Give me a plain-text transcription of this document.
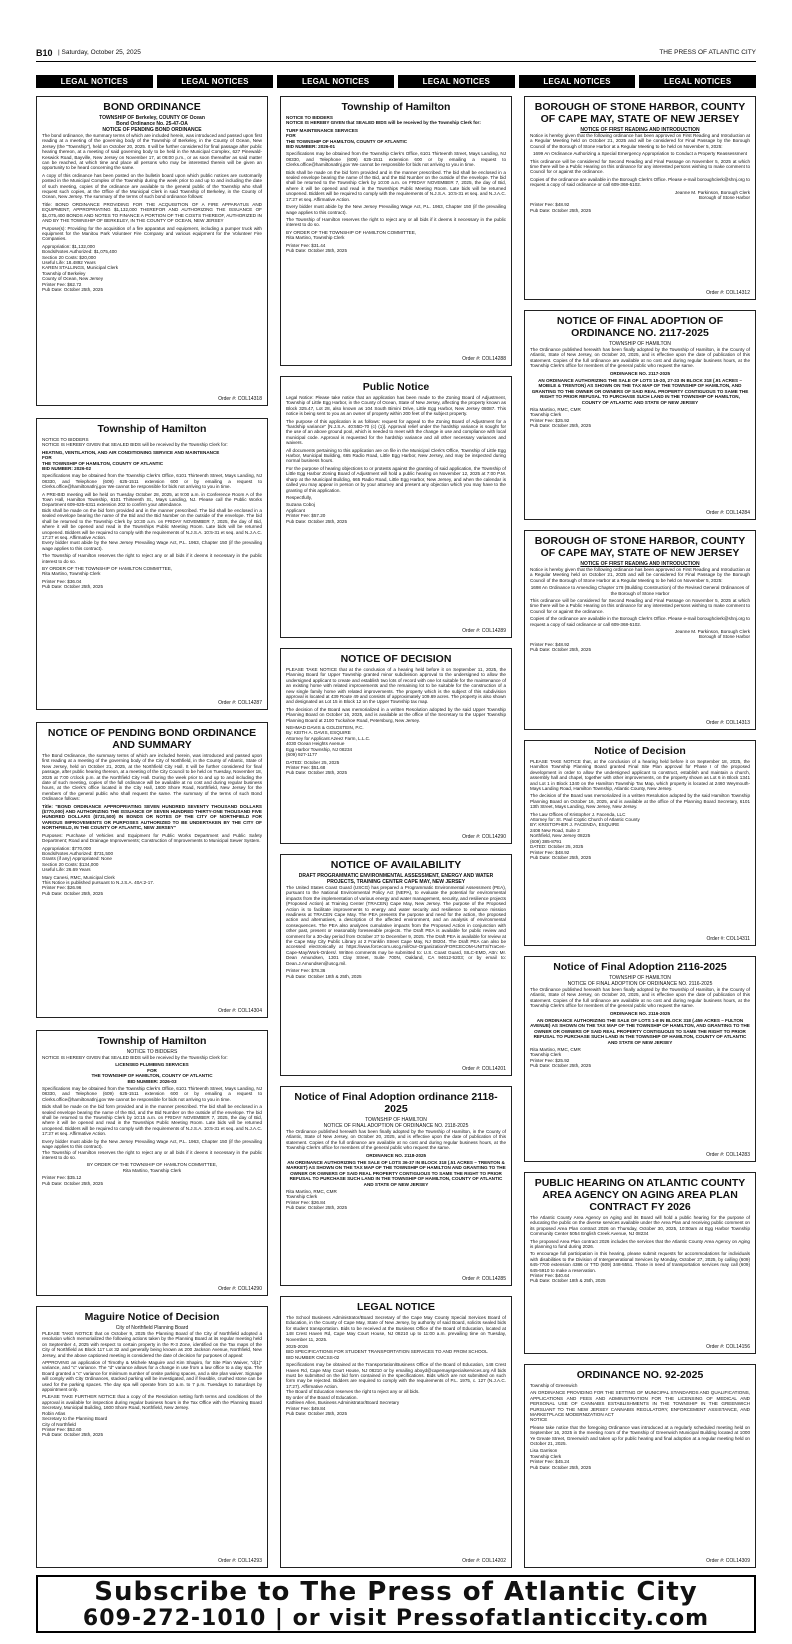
B10 | Saturday, October 25, 2025	THE PRESS OF ATLANTIC CITY
LEGAL NOTICES	LEGAL NOTICES	LEGAL NOTICES	LEGAL NOTICES	LEGAL NOTICES	LEGAL NOTICES
BOND ORDINANCE
TOWNSHIP OF Berkeley, COUNTY OF Ocean
Bond Ordinance No. 25-47-OA
NOTICE OF PENDING BOND ORDINANCE

The bond ordinance, the summary terms of which are included herein, was introduced and passed upon first reading at a meeting of the governing body of the Township of Berkeley, in the County of Ocean, New Jersey (the "Township"), held on October 20, 2025. It will be further considered for final passage after public hearing thereon, at a meeting of said governing body to be held in the Municipal Complex, 627 Pinewald-Keswick Road, Bayville, New Jersey on November 17, at 06:00 p.m., or as soon thereafter as said matter can be reached, at which time and place all persons who may be interested therein will be given an opportunity to be heard concerning the same.

A copy of this ordinance has been posted on the bulletin board upon which public notices are customarily posted in the Municipal Complex of the Township during the week prior to and up to and including the date of such meeting, copies of the ordinance are available to the general public of the Township who shall request such copies, at the Office of the Municipal Clerk in said Township of Berkeley, in the County of Ocean, New Jersey. The summary of the terms of such bond ordinance follows:

Title: BOND ORDINANCE PROVIDING FOR THE ACQUISITION OF A FIRE APPARATUS AND EQUIPMENT, APPROPRIATING $1,132,000 THEREFOR AND AUTHORIZING THE ISSUANCE OF $1,075,400 BONDS AND NOTES TO FINANCE A PORTION OF THE COSTS THEREOF, AUTHORIZED IN AND BY THE TOWNSHIP OF BERKELEY, IN THE COUNTY OF OCEAN, NEW JERSEY

Purpose(s): Providing for the acquisition of a fire apparatus and equipment, including a pumper truck with equipment for the Manitou Park Volunteer Fire Company and various equipment for the Volunteer Fire Companies.

Appropriation: $1,132,000
Bonds/Notes Authorized: $1,075,400
Section 20 Costs: $20,000
Useful Life: 18.4892 Years
KAREN STALLINGS, Municipal Clerk
Township of Berkeley
County of Ocean, New Jersey
Printer Fee: $62.72
Pub Date: October 25th, 2025

Order #: COL14318
Township of Hamilton

NOTICE TO BIDDERS
NOTICE IS HEREBY GIVEN that SEALED BIDS will be received by the Township Clerk for:

HEATING, VENTILATION, AND AIR CONDITIONING SERVICE AND MAINTENANCE
FOR
THE TOWNSHIP OF HAMILTON, COUNTY OF ATLANTIC
BID NUMBER: 2026-02

Specifications may be obtained from the Township Clerk's Office, 6101 Thirteenth Street, Mays Landing, NJ 08330, and Telephone (609) 625-1511 extension 600 or by emailing a request to Clerks.office@hamiltonatlnj.gov We cannot be responsible for bids not arriving to you in time.

A PRE-BID meeting will be held on Tuesday October 28, 2025, at 9:00 a.m. in Conference Room A of the Town Hall, Hamilton Township, 6101 Thirteenth St., Mays Landing, NJ. Please call the Public Works Department 609-625-6311 extension 202 to confirm your attendance.
Bids shall be made on the bid form provided and in the manner prescribed. The bid shall be enclosed in a sealed envelope bearing the name of the Bid and the Bid Number on the outside of the envelope. The bid shall be returned to the Township Clerk by 10:30 a.m. on FRIDAY NOVEMBER 7, 2025, the day of Bid, where it will be opened and read in the Townships Public Meeting Room. Late bids will be returned unopened. Bidders will be required to comply with the requirements of N.J.S.A. 10:5-31 et seq. and N.J.A.C. 17:27 et seq. Affirmative Action.
Every bidder must abide by the New Jersey Prevailing Wage Act, P.L. 1963, Chapter 150 (if the prevailing wage applies to this contract).

The Township of Hamilton reserves the right to reject any or all bids if it deems it necessary in the public interest to do so.

BY ORDER OF THE TOWNSHIP OF HAMILTON COMMITTEE,
Rita Martino, Township Clerk

Printer Fee: $36.04
Pub Date: October 25th, 2025

Order #: COL14287
NOTICE OF PENDING BOND ORDINANCE AND SUMMARY

The Bond Ordinance, the summary terms of which are included herein, was introduced and passed upon first reading at a meeting of the governing body of the City of Northfield, in the County of Atlantic, State of New Jersey, held on October 21, 2025, at the Northfield City Hall. It will be further considered for final passage, after public hearing thereon, at a meeting of the City Council to be held on Tuesday, November 18, 2025 at 7:00 o'clock p.m. at the Northfield City Hall. During the week prior to and up to and including the date of such meeting, copies of the full ordinance will be available at no cost and during regular business hours, at the Clerk's office located in the City Hall, 1600 Shore Road, Northfield, New Jersey for the members of the general public who shall request the same. The summary of the terms of such Bond Ordinance follows:

Title: "BOND ORDINANCE APPROPRIATING SEVEN HUNDRED SEVENTY THOUSAND DOLLARS ($770,000) AND AUTHORIZING THE ISSUANCE OF SEVEN HUNDRED THIRTY-ONE THOUSAND FIVE HUNDRED DOLLARS ($731,500) IN BONDS OR NOTES OF THE CITY OF NORTHFIELD FOR VARIOUS IMPROVEMENTS OR PURPOSES AUTHORIZED TO BE UNDERTAKEN BY THE CITY OF NORTHFIELD, IN THE COUNTY OF ATLANTIC, NEW JERSEY"

Purposes: Purchase of Vehicles and Equipment for Public Works Department and Public Safety Department; Road and Drainage Improvements; Construction of Improvements to Municipal Sewer System.

Appropriation: $770,000
Bonds/Notes Authorized: $731,500
Grants (if any) Appropriated: None
Section 20 Costs: $134,000
Useful Life: 26.69 Years

Mary Canesi, RMC, Municipal Clerk
This Notice is published pursuant to N.J.S.A. 40A:2-17.
Printer Fee: $26.96
Pub Date: October 25th, 2025

Order #: COL14304
Township of Hamilton
NOTICE TO BIDDERS

NOTICE IS HEREBY GIVEN that SEALED BIDS will be received by the Township Clerk for:

LICENSED PLUMBING SERVICES
FOR
THE TOWNSHIP OF HAMILTON, COUNTY OF ATLANTIC
BID NUMBER: 2026-03

Specifications may be obtained from the Township Clerk's Office, 6101 Thirteenth Street, Mays Landing, NJ 08330, and Telephone (609) 625-1511 extension 600 or by emailing a request to Clerks.office@hamiltonatlnj.gov We cannot be responsible for bids not arriving to you in time.

Bids shall be made on the bid form provided and in the manner prescribed. The bid shall be enclosed in a sealed envelope bearing the name of the Bid, and the Bid Number on the outside of the envelope. The bid shall be returned to the Township Clerk by 10:15 a.m. on FRIDAY NOVEMBER 7, 2025, the day of Bid, where it will be opened and read in the Townships Public Meeting Room. Late bids will be returned unopened. Bidders will be required to comply with the requirements of N.J.S.A. 10:5-31 et seq. and N.J.A.C. 17:27 et seq. Affirmative Action.

Every bidder must abide by the New Jersey Prevailing Wage Act, P.L. 1963, Chapter 150 (if the prevailing wage applies to this contract).
The Township of Hamilton reserves the right to reject any or all bids if it deems it necessary in the public interest to do so.

BY ORDER OF THE TOWNSHIP OF HAMILTON COMMITTEE,
Rita Martino, Township Clerk

Printer Fee: $35.12
Pub Date: October 25th, 2025

Order #: COL14290
Maguire Notice of Decision
City of Northfield Planning Board

PLEASE TAKE NOTICE that on October 9, 2025 the Planning Board of the City of Northfield adopted a resolution which memorialized the following actions taken by the Planning Board at its regular meeting held on September 4, 2025 with respect to certain property in the R-3 Zone, identified on the Tax maps of the City of Northfield as Block 117 Lot 32 and generally being known as 200 Jackson Avenue, Northfield, New Jersey, and the above captioned meeting is considered the date of decision for purposes of appeal:

APPROVING an application of Timothy & Michele Maguire and Kim Shapiro, for Site Plan Waiver, "d(1)" variance, and "c" variance. The "d" variance allows for a change in use from a law office to a day spa. The Board granted a "c" variance for minimum number of onsite parking spaces, and a site plan waiver. Signage will comply with City Ordinances, stacked parking will be investigated, and if feasible, crushed stone can be used for the parking spaces. The day spa will operate from 10 a.m. to 7 p.m. Tuesdays to Saturdays by appointment only.

PLEASE TAKE FURTHER NOTICE that a copy of the Resolution setting forth terms and conditions of the approval is available for inspection during regular business hours in the Tax Office with the Planning Board Secretary, Municipal Building, 1600 Shore Road, Northfield, New Jersey.
Robin Atlas
Secretary to the Planning Board
City of Northfield
Printer Fee: $52.60
Pub Date: October 25th, 2025

Order #: COL14293
Township of Hamilton

NOTICE TO BIDDERS
NOTICE IS HEREBY GIVEN that SEALED BIDS will be received by the Township Clerk for:

TURF MAINTENANCE SERVICES
FOR
THE TOWNSHIP OF HAMILTON, COUNTY OF ATLANTIC
BID NUMBER: 2026-01

Specifications may be obtained from the Township Clerk's Office, 6101 Thirteenth Street, Mays Landing, NJ 08330, and Telephone (609) 625-1511 extension 600 or by emailing a request to Clerks.office@hamiltonatlnj.gov We cannot be responsible for bids not arriving to you in time.

Bids shall be made on the bid form provided and in the manner prescribed. The bid shall be enclosed in a sealed envelope bearing the name of the Bid, and the Bid Number on the outside of the envelope. The bid shall be returned to the Township Clerk by 10:00 a.m. on FRIDAY NOVEMBER 7, 2025, the day of Bid, where it will be opened and read in the Townships Public Meeting Room. Late bids will be returned unopened. Bidders will be required to comply with the requirements of N.J.S.A. 10:5-31 et seq. and N.J.A.C. 17:27 et seq. Affirmative Action.

Every bidder must abide by the New Jersey Prevailing Wage Act, P.L. 1963, Chapter 150 (if the prevailing wage applies to this contract).

The Township of Hamilton reserves the right to reject any or all bids if it deems it necessary in the public interest to do so.

BY ORDER OF THE TOWNSHIP OF HAMILTON COMMITTEE,
Rita Martino, Township Clerk

Printer Fee: $31.44
Pub Date: October 25th, 2025

Order #: COL14288
Public Notice

Legal Notice: Please take notice that an application has been made to the Zoning Board of Adjustment, Township of Little Egg Harbor, in the County of Ocean, State of New Jersey, affecting the property known as Block 325.47, Lot 28, also known as 104 South Bimini Drive, Little Egg Harbor, New Jersey 08087. This notice is being sent to you as an owner of property within 200 feet of the subject property.

The purpose of this application is as follows: request for appeal to the Zoning Board of Adjustment for a "hardship variance" [N.J.S.A. 40:55D-70 (c) (1)]. Approval relief under the hardship variance is sought for the use of an above ground pool, which is needed to meet with the change in use and compliance with local municipal code. Approval is requested for the hardship variance and all other necessary variances and waivers.

All documents pertaining to this application are on file in the Municipal Clerk's Office, Township of Little Egg Harbor, Municipal Building, 665 Radio Road, Little Egg Harbor, New Jersey, and may be inspected during normal business hours.

For the purpose of hearing objections to or protests against the granting of said application, the Township of Little Egg Harbor Zoning Board of Adjustment will hold a public hearing on November 12, 2025 at 7:00 P.M. sharp at the Municipal Building, 665 Radio Road, Little Egg Harbor, New Jersey, and when the calendar is called you may appear in person or by your attorney and present any objection which you may have to the granting of this application.

Respectfully,

Suzana Coboj
Applicant
Printer Fee: $57.20
Pub Date: October 25th, 2025

Order #: COL14289
NOTICE OF DECISION

PLEASE TAKE NOTICE that at the conclusion of a hearing held before it on September 11, 2025, the Planning Board for Upper Township granted minor subdivision approval to the undersigned to allow the undersigned applicant to create and establish two lots of record with one lot suitable for the maintenance of an existing home with related improvements and the remaining lot to be suitable for the construction of a new single family home with related improvements. The property which is the subject of this subdivision approval is located at 439 Route 49 and consists of approximately 109.69 acres. The property is also shown and designated as Lot 15 in Block 12 on the Upper Township tax map.

The decision of the Board was memorialized in a written Resolution adopted by the said Upper Township Planning Board on October 16, 2025, and is available at the office of the Secretary to the Upper Township Planning Board at 2100 Tuckahoe Road, Petersburg, New Jersey.

NEHMAD DAVIS & GOLDSTEIN, P.C.
By: KEITH A. DAVIS, ESQUIRE
Attorney for Applicant Azeez Farm, L.L.C.
4030 Ocean Heights Avenue
Egg Harbor Township, NJ 08234
(609) 927-1177

DATED: October 25, 2025
Printer Fee: $51.68
Pub Date: October 25th, 2025

Order #: COL14290
NOTICE OF AVAILABILITY
DRAFT PROGRAMMATIC ENVIRONMENTAL ASSESSMENT, ENERGY AND WATER PROJECTS, TRAINING CENTER CAPE MAY, NEW JERSEY

The United States Coast Guard (USCG) has prepared a Programmatic Environmental Assessment (PEA), pursuant to the National Environmental Policy Act (NEPA), to evaluate the potential for environmental impacts from the implementation of various energy and water management, security, and resilience projects (Proposed Action) at Training Center (TRACEN) Cape May, New Jersey. The purpose of the Proposed Action is to facilitate improvements to energy and water security and resilience to enhance mission readiness at TRACEN Cape May. The PEA presents the purpose and need for the action, the proposed action and alternatives, a description of the affected environment, and an analysis of environmental consequences. The PEA also analyzes cumulative impacts from the Proposed Action in conjunction with other past, present or reasonably foreseeable projects. The Draft PEA is available for public review and comment for a 30-day period from October 27 to December 9, 2025. The Draft PEA is available for review at the Cape May City Public Library at 2 Franklin Street Cape May, NJ 08204. The Draft PEA can also be accessed electronically at https://www.forcecom.uscg.mil/Our-Organization/FORCECOM-UNITS/TraCen-Cape-May/Work-Orders/. Written comments may be submitted to: U.S. Coast Guard, SILC-EMD, Attn: Mr. Dean Amundsen, 1301 Clay Street, Suite 700N, Oakland, CA 94612-5203; or by email to: Dean.J.Amundsen@uscg.mil.

Printer Fee: $78.36
Pub Date: October 18th & 25th, 2025

Order #: COL14201
Notice of Final Adoption ordinance 2118-2025
TOWNSHIP OF HAMILTON
NOTICE OF FINAL ADOPTION OF ORDINANCE NO. 2118-2025

The Ordinance published herewith has been finally adopted by the Township of Hamilton, in the County of Atlantic, State of New Jersey, on October 20, 2025, and is effective upon the date of publication of this statement. Copies of the full ordinance are available at no cost and during regular business hours, at the Township Clerk's office for members of the general public who request the same.

ORDINANCE NO. 2118-2025

AN ORDINANCE AUTHORIZING THE SALE OF LOTS 36-37 IN BLOCK 318 (.51 ACRES – TRENTON & MARKET) AS SHOWN ON THE TAX MAP OF THE TOWNSHIP OF HAMILTON AND GRANTING TO THE OWNER OR OWNERS OF SAID REAL PROPERTY CONTIGUOUS TO SAME THE RIGHT TO PRIOR REFUSAL TO PURCHASE SUCH LAND IN THE TOWNSHIP OF HAMILTON, COUNTY OF ATLANTIC AND STATE OF NEW JERSEY

Rita Martino, RMC, CMR
Township Clerk
Printer Fee: $26.84
Pub Date: October 25th, 2025

Order #: COL14285
LEGAL NOTICE

The School Business Administrator/Board Secretary of the Cape May County Special Services Board of Education, in the County of Cape May, State of New Jersey, by authority of said Board, solicits sealed bids for student transportation. Bids to be received at the Business Office of the Board of Education, located at 148 Crest Haven Rd, Cape May Court House, NJ 08210 up to 11:00 a.m. prevailing time on Tuesday, November 11, 2025.

2025-2026
BID SPECIFICATIONS FOR STUDENT TRANSPORTATION SERVICES TO AND FROM SCHOOL
BID NUMBER CMCSS-02

Specifications may be obtained at the Transportation/Business Office of the Board of Education, 148 Crest Haven Rd, Cape May Court House, NJ 08210 or by emailing aboyd@capemayspecialservices.org All bids must be submitted on the bid form contained in the specifications. Bids which are not submitted on such form may be rejected. Bidders are required to comply with the requirements of P.L. 1975, c. 127 (N.J.A.C. 17:27). Affirmative Action.
The Board of Education reserves the right to reject any or all bids.
By order of the Board of Education.
Kathleen Allen, Business Administrator/Board Secretary
Printer Fee: $49.84
Pub Date: October 25th, 2025

Order #: COL14202
BOROUGH OF STONE HARBOR, COUNTY OF CAPE MAY, STATE OF NEW JERSEY
NOTICE OF FIRST READING AND INTRODUCTION

Notice is hereby given that the following ordinance has been approved on First Reading and Introduction at a Regular Meeting held on October 21, 2025 and will be considered for Final Passage by the Borough Council of the Borough of Stone Harbor at a Regular Meeting to be held on November 5, 2025:

1699 An Ordinance Authorizing a Special Emergency Appropriation to Conduct a Property Reassessment

This ordinance will be considered for Second Reading and Final Passage on November 5, 2025 at which time there will be a Public Hearing on this ordinance for any interested persons wishing to make comment to Council for or against the ordinance.

Copies of the ordinance are available in the Borough Clerk's Office. Please e-mail boroughclerk@shnj.org to request a copy of said ordinance or call 609-368-5102.

Jeanne M. Parkinson, Borough Clerk
Borough of Stone Harbor

Printer Fee: $48.92
Pub Date: October 25th, 2025

Order #: COL14312
NOTICE OF FINAL ADOPTION OF ORDINANCE NO. 2117-2025
TOWNSHIP OF HAMILTON

The Ordinance published herewith has been finally adopted by the Township of Hamilton, in the County of Atlantic, State of New Jersey, on October 20, 2025, and is effective upon the date of publication of this statement. Copies of the full ordinance are available at no cost and during regular business hours, at the Township Clerk's office for members of the general public who request the same.

ORDINANCE NO. 2117-2025

AN ORDINANCE AUTHORIZING THE SALE OF LOTS 15-20, 27-33 IN BLOCK 318 (.91 ACRES – MOBILE & TRENTON) AS SHOWN ON THE TAX MAP OF THE TOWNSHIP OF HAMILTON, AND GRANTING TO THE OWNER OR OWNERS OF SAID REAL PROPERTY CONTIGUOUS TO SAME THE RIGHT TO PRIOR REFUSAL TO PURCHASE SUCH LAND IN THE TOWNSHIP OF HAMILTON, COUNTY OF ATLANTIC AND STATE OF NEW JERSEY

Rita Martino, RMC, CMR
Township Clerk
Printer Fee: $25.92
Pub Date: October 25th, 2025

Order #: COL14284
BOROUGH OF STONE HARBOR, COUNTY OF CAPE MAY, STATE OF NEW JERSEY
NOTICE OF FIRST READING AND INTRODUCTION

Notice is hereby given that the following ordinance has been approved on First Reading and Introduction at a Regular Meeting held on October 21, 2025 and will be considered for Final Passage by the Borough Council of the Borough of Stone Harbor at a Regular Meeting to be held on November 5, 2025:

1698 An Ordinance to Amending Chapter 178 (Building Construction) of the Revised General Ordinances of the Borough of Stone Harbor

This ordinance will be considered for Second Reading and Final Passage on November 5, 2025 at which time there will be a Public Hearing on this ordinance for any interested persons wishing to make comment to Council for or against the ordinance.

Copies of the ordinance are available in the Borough Clerk's Office. Please e-mail boroughclerk@shnj.org to request a copy of said ordinance or call 609-368-5102.

Jeanne M. Parkinson, Borough Clerk
Borough of Stone Harbor

Printer Fee: $48.92
Pub Date: October 25th, 2025

Order #: COL14313
Notice of Decision

PLEASE TAKE NOTICE that, at the conclusion of a hearing held before it on September 18, 2025, the Hamilton Township Planning Board granted Final Site Plan approval for Phase I of the proposed development in order to allow the undersigned applicant to construct, establish and maintain a church, assembly hall and chapel, together with other improvements, on the property shown as Lot 6 in Block 1341 and Lot 1 in Block 1340 on the Hamilton Township Tax Map, which property is located at 2460 Weymouth-Mays Landing Road, Hamilton Township, Atlantic County, New Jersey.

The decision of the Board was memorialized in a written Resolution adopted by the said Hamilton Township Planning Board on October 16, 2025, and is available at the office of the Planning Board Secretary, 6101 13th Street, Mays Landing, New Jersey, New Jersey.

The Law Offices of Kristopher J. Facenda, LLC
Attorney for: St. Paul Coptic Church of Atlantic County
BY: KRISTOPHER J. FACENDA, ESQUIRE
2408 New Road, Suite 2
Northfield, New Jersey 08225
(609) 385-8791
DATED: October 25, 2025
Printer Fee: $48.92
Pub Date: October 25th, 2025

Order #: COL14311
Notice of Final Adoption 2116-2025
TOWNSHIP OF HAMILTON
NOTICE OF FINAL ADOPTION OF ORDINANCE NO. 2116-2025

The Ordinance published herewith has been finally adopted by the Township of Hamilton, in the County of Atlantic, State of New Jersey, on October 20, 2025, and is effective upon the date of publication of this statement. Copies of the full ordinance are available at no cost and during regular business hours, at the Township Clerk's office for members of the general public who request the same.

ORDINANCE NO. 2116-2025

AN ORDINANCE AUTHORIZING THE SALE OF LOTS 1-8 IN BLOCK 318 (.459 ACRES – FULTON AVENUE) AS SHOWN ON THE TAX MAP OF THE TOWNSHIP OF HAMILTON, AND GRANTING TO THE OWNER OR OWNERS OF SAID REAL PROPERTY CONTIGUOUS TO SAME THE RIGHT TO PRIOR REFUSAL TO PURCHASE SUCH LAND IN THE TOWNSHIP OF HAMILTON, COUNTY OF ATLANTIC AND STATE OF NEW JERSEY

Rita Martino, RMC, CMR
Township Clerk
Printer Fee: $25.92
Pub Date: October 25th, 2025

Order #: COL14283
PUBLIC HEARING ON ATLANTIC COUNTY AREA AGENCY ON AGING AREA PLAN CONTRACT FY 2026

The Atlantic County Area Agency on Aging and its Board will hold a public hearing for the purpose of educating the public on the diverse services available under the Area Plan and receiving public comment on its proposed Area Plan contract 2026 on Thursday, October 30, 2025, 10:00am at Egg Harbor Township Community Center 5054 English Creek Avenue, NJ 08234

The proposed Area Plan contract 2026 includes the services that the Atlantic County Area Agency on Aging is planning to fund during 2026.

To encourage full participation in this hearing, please submit requests for accommodations for individuals with disabilities to the Division of Intergenerational Services by Monday, October 27, 2025, by calling (609) 645-7700 extension 4386 or TTD (609) 348-5551. Those in need of transportation services may call (609) 645-5910 to make a reservation.
Printer Fee: $40.64
Pub Date: October 18th & 25th, 2025

Order #: COL14156
ORDINANCE NO. 92-2025

Township of Greenwich

AN ORDINANCE PROVIDING FOR THE SETTING OF MUNICIPAL STANDARDS AND QUALIFICATIONS, APPLICATIONS AND FEES AND ADMINISTRATION FOR THE LICENSING OF MEDICAL AND PERSONAL USE OF CANNABIS ESTABLISHMENTS IN THE TOWNSHIP IN THE GREENWICH PURSUANT TO THE NEW JERSEY CANNABIS REGULATORY, ENFORCEMENT ASSISTANCE, AND MARKETPLACE MODERNIZATION ACT
NOTICE

Please take notice that the foregoing Ordinance was introduced at a regularly scheduled meeting held on September 16, 2025 in the meeting room of the Township of Greenwich Municipal Building located at 1000 Ye Greate Street, Greenwich and taken up for public hearing and final adoption at a regular meeting held on October 21, 2025.

Lisa Garrison
Township Clerk
Printer Fee: $45.24
Pub Date: October 25th, 2025

Order #: COL14309
Subscribe to The Press of Atlantic City
609-272-1010 | or visit Pressofatlanticcity.com
